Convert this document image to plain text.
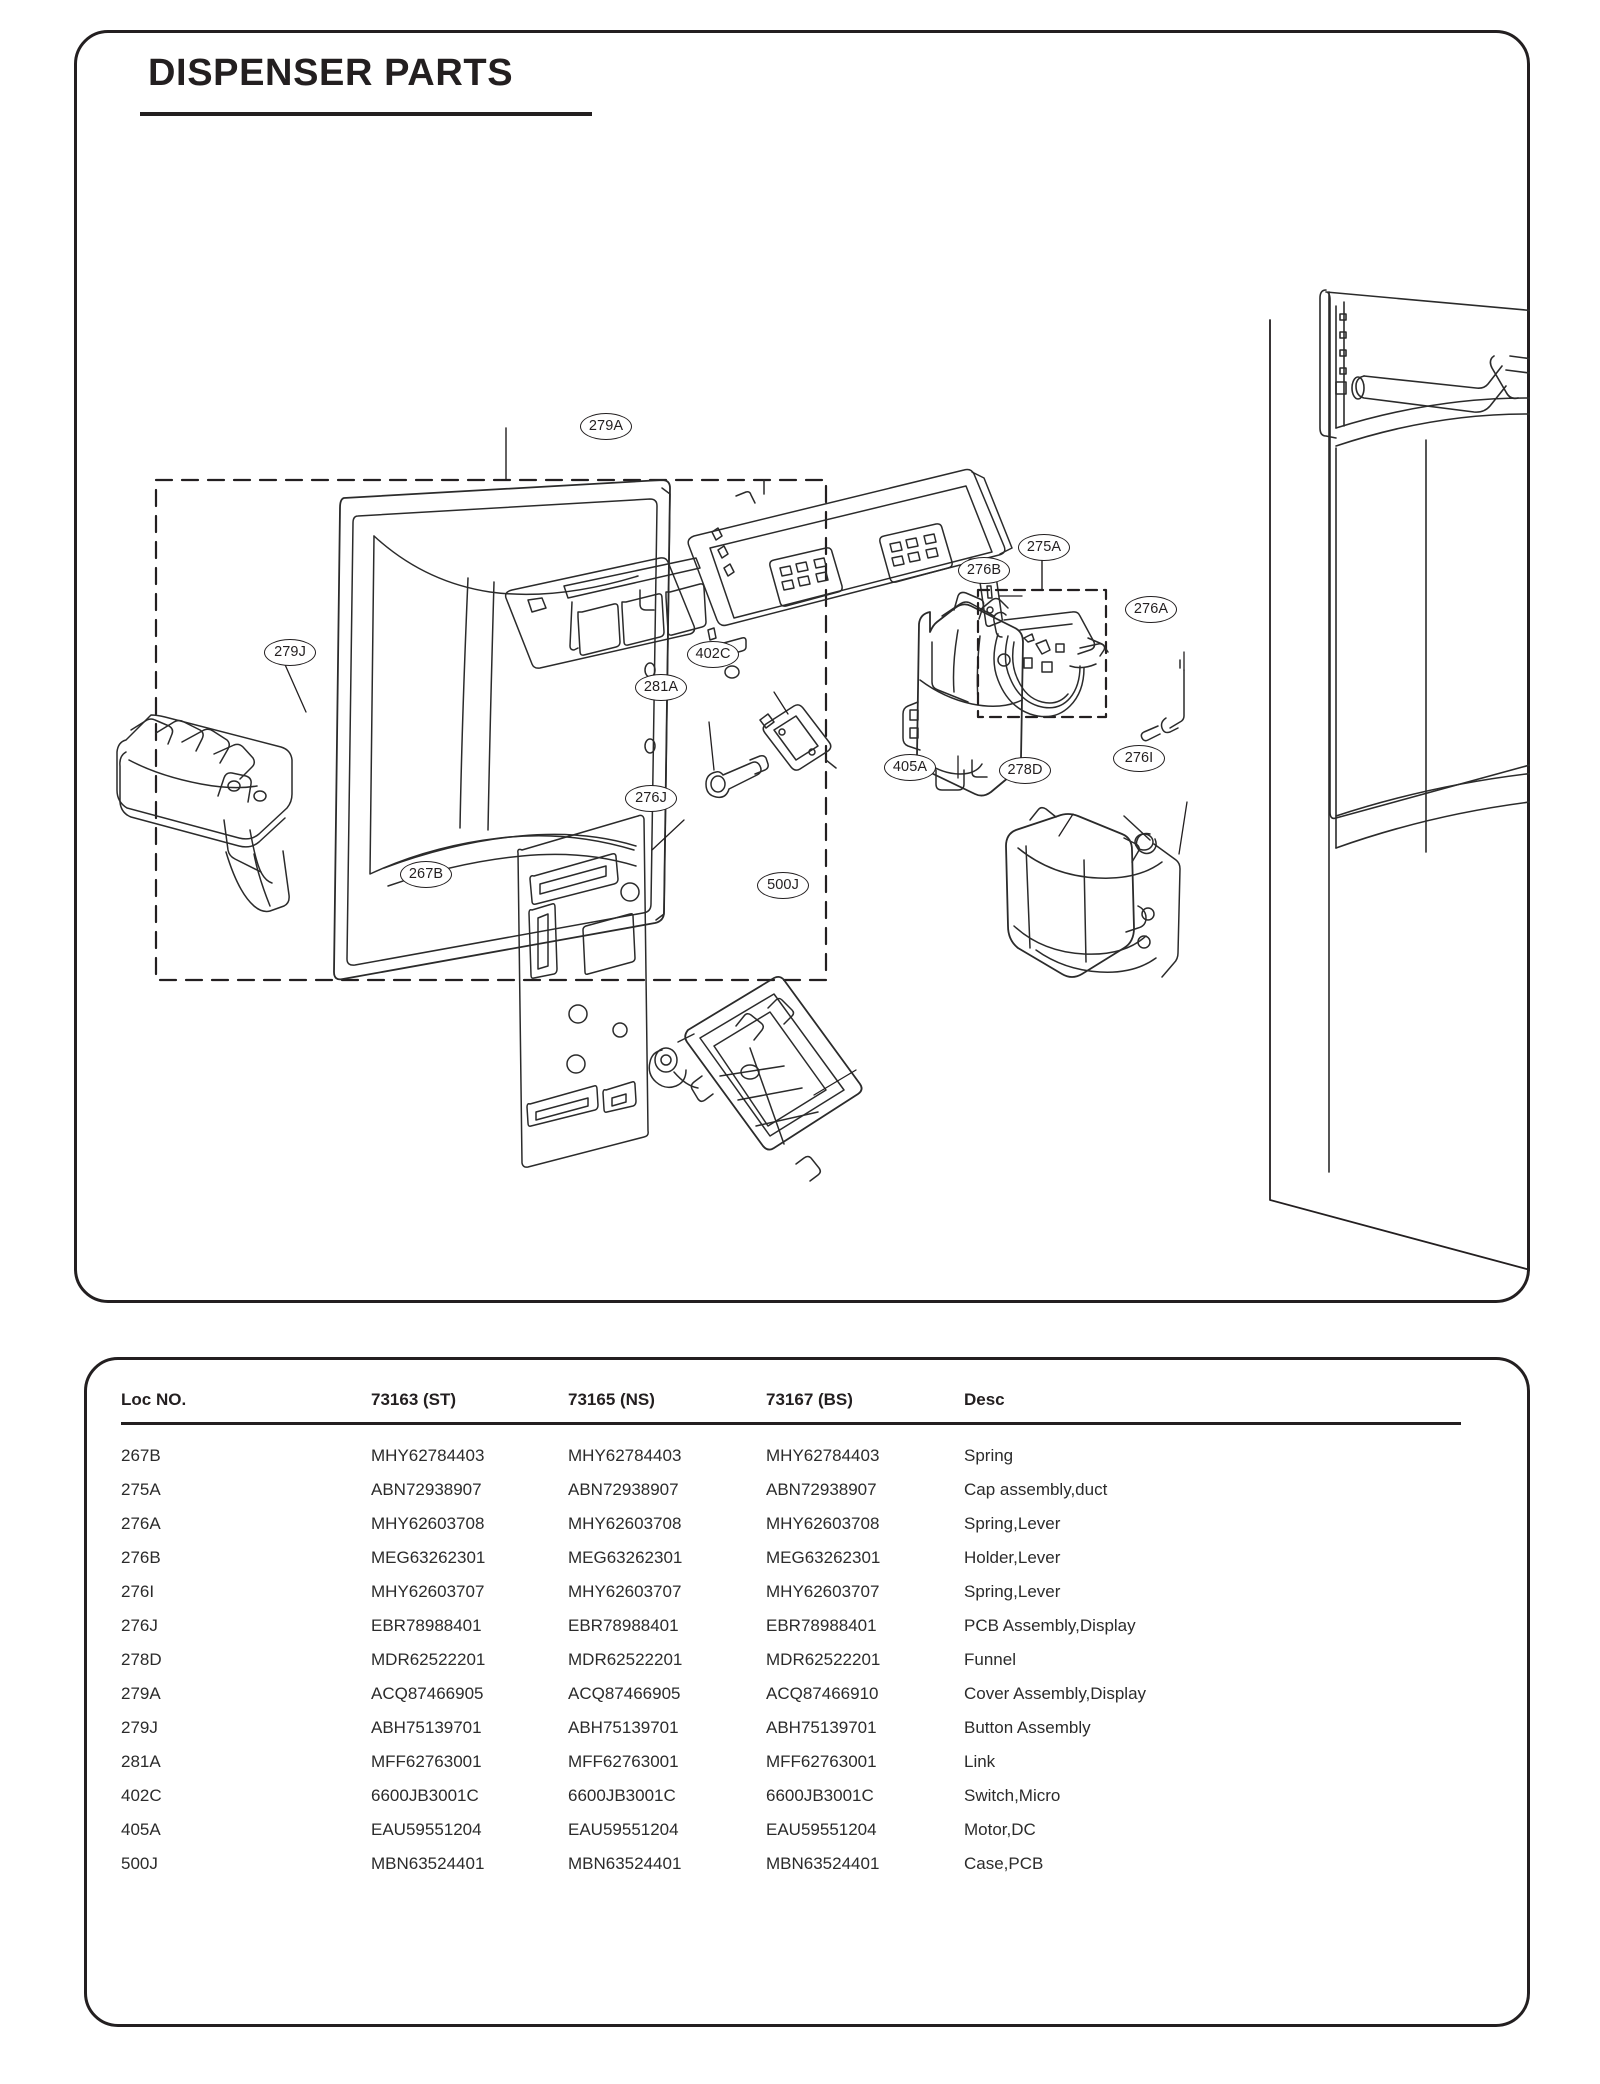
DISPENSER PARTS
279A
279J
267B
281A
402C
276J
500J
276B
275A
276A
405A	278D
276I
Loc NO.	73163 (ST)	73165 (NS)	73167 (BS)	Desc
267B	MHY62784403	MHY62784403	MHY62784403	Spring
275A	ABN72938907	ABN72938907	ABN72938907	Cap assembly,duct
276A	MHY62603708	MHY62603708	MHY62603708	Spring,Lever
276B	MEG63262301	MEG63262301	MEG63262301	Holder,Lever
276I	MHY62603707	MHY62603707	MHY62603707	Spring,Lever
276J	EBR78988401	EBR78988401	EBR78988401	PCB Assembly,Display
278D	MDR62522201	MDR62522201	MDR62522201	Funnel
279A	ACQ87466905	ACQ87466905	ACQ87466910	Cover Assembly,Display
279J	ABH75139701	ABH75139701	ABH75139701	Button Assembly
281A	MFF62763001	MFF62763001	MFF62763001	Link
402C	6600JB3001C	6600JB3001C	6600JB3001C	Switch,Micro
405A	EAU59551204	EAU59551204	EAU59551204	Motor,DC
500J	MBN63524401	MBN63524401	MBN63524401	Case,PCB
